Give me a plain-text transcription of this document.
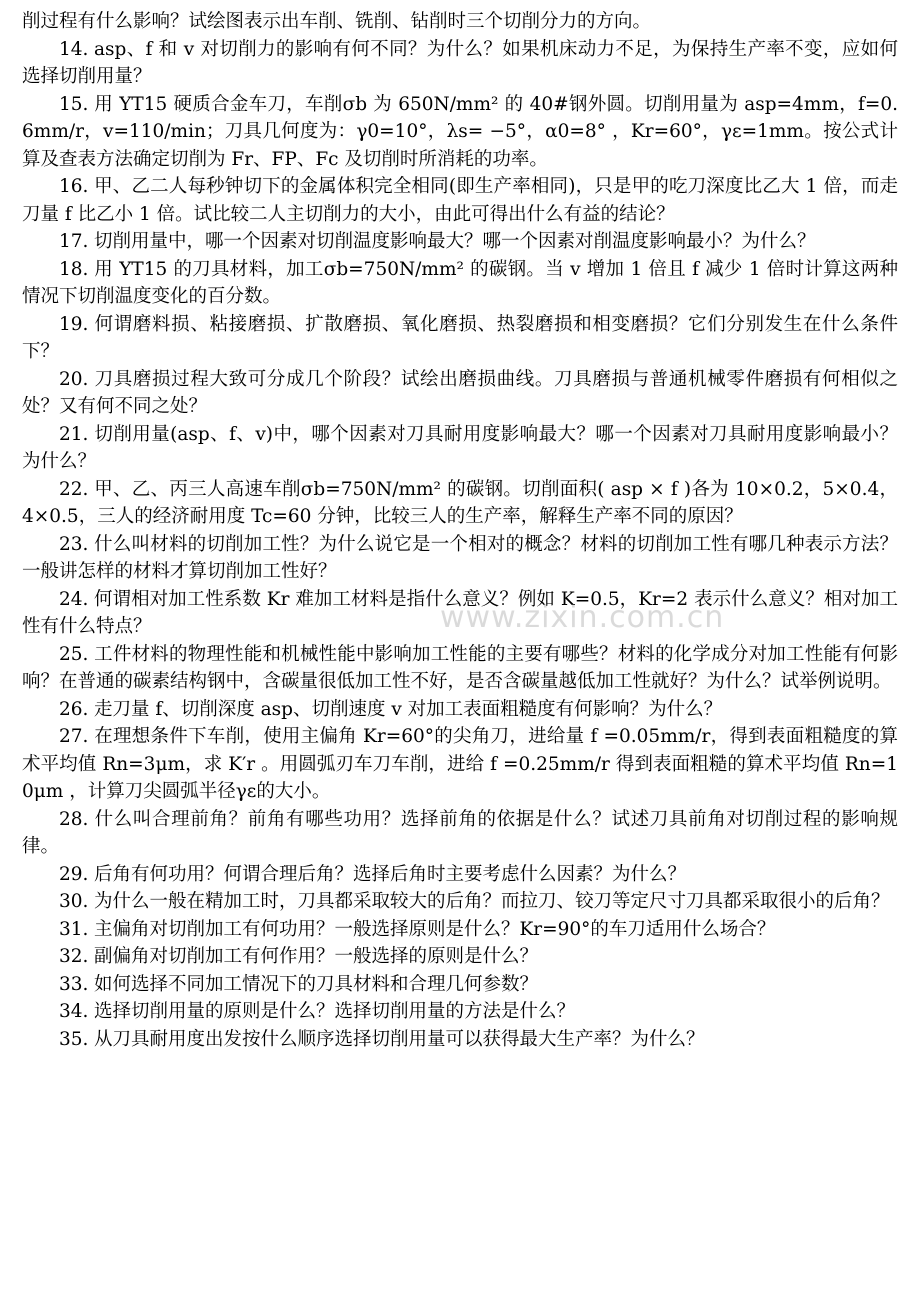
削过程有什么影响？试绘图表示出车削、铣削、钻削时三个切削分力的方向。

14. asp、f 和 v 对切削力的影响有何不同？为什么？如果机床动力不足，为保持生产率不变，应如何选择切削用量？

15. 用 YT15 硬质合金车刀，车削σb 为 650N/mm² 的 40#钢外圆。切削用量为 asp=4mm，f=0.6mm/r，v=110/min；刀具几何度为：γ0=10°，λs= −5°，α0=8° ，Kr=60°，γε=1mm。按公式计算及查表方法确定切削为 Fr、FP、Fc 及切削时所消耗的功率。

16. 甲、乙二人每秒钟切下的金属体积完全相同(即生产率相同)，只是甲的吃刀深度比乙大 1 倍，而走刀量 f 比乙小 1 倍。试比较二人主切削力的大小，由此可得出什么有益的结论？

17. 切削用量中，哪一个因素对切削温度影响最大？哪一个因素对削温度影响最小？为什么？

18. 用 YT15 的刀具材料，加工σb=750N/mm² 的碳钢。当 v 增加 1 倍且 f 减少 1 倍时计算这两种情况下切削温度变化的百分数。

19. 何谓磨料损、粘接磨损、扩散磨损、氧化磨损、热裂磨损和相变磨损？它们分别发生在什么条件下？

20. 刀具磨损过程大致可分成几个阶段？试绘出磨损曲线。刀具磨损与普通机械零件磨损有何相似之处？又有何不同之处？

21. 切削用量(asp、f、v)中，哪个因素对刀具耐用度影响最大？哪一个因素对刀具耐用度影响最小？为什么？

22. 甲、乙、丙三人高速车削σb=750N/mm² 的碳钢。切削面积( asp × f )各为 10×0.2，5×0.4，4×0.5，三人的经济耐用度 Tc=60 分钟，比较三人的生产率，解释生产率不同的原因？

23. 什么叫材料的切削加工性？为什么说它是一个相对的概念？材料的切削加工性有哪几种表示方法？一般讲怎样的材料才算切削加工性好？

24. 何谓相对加工性系数 Kr 难加工材料是指什么意义？例如 K=0.5，Kr=2 表示什么意义？相对加工性有什么特点？

25. 工件材料的物理性能和机械性能中影响加工性能的主要有哪些？材料的化学成分对加工性能有何影响？在普通的碳素结构钢中，含碳量很低加工性不好，是否含碳量越低加工性就好？为什么？试举例说明。

26. 走刀量 f、切削深度 asp、切削速度 v 对加工表面粗糙度有何影响？为什么？

27. 在理想条件下车削，使用主偏角 Kr=60°的尖角刀，进给量 f =0.05mm/r，得到表面粗糙度的算术平均值 Rn=3μm，求 K′r 。用圆弧刃车刀车削，进给 f =0.25mm/r 得到表面粗糙的算术平均值 Rn=10μm ，计算刀尖圆弧半径γε的大小。

28. 什么叫合理前角？前角有哪些功用？选择前角的依据是什么？试述刀具前角对切削过程的影响规律。

29. 后角有何功用？何谓合理后角？选择后角时主要考虑什么因素？为什么？

30. 为什么一般在精加工时，刀具都采取较大的后角？而拉刀、铰刀等定尺寸刀具都采取很小的后角？

31. 主偏角对切削加工有何功用？一般选择原则是什么？Kr=90°的车刀适用什么场合？

32. 副偏角对切削加工有何作用？一般选择的原则是什么？

33. 如何选择不同加工情况下的刀具材料和合理几何参数？

34. 选择切削用量的原则是什么？选择切削用量的方法是什么？

35. 从刀具耐用度出发按什么顺序选择切削用量可以获得最大生产率？为什么？

www.zixin.com.cn
